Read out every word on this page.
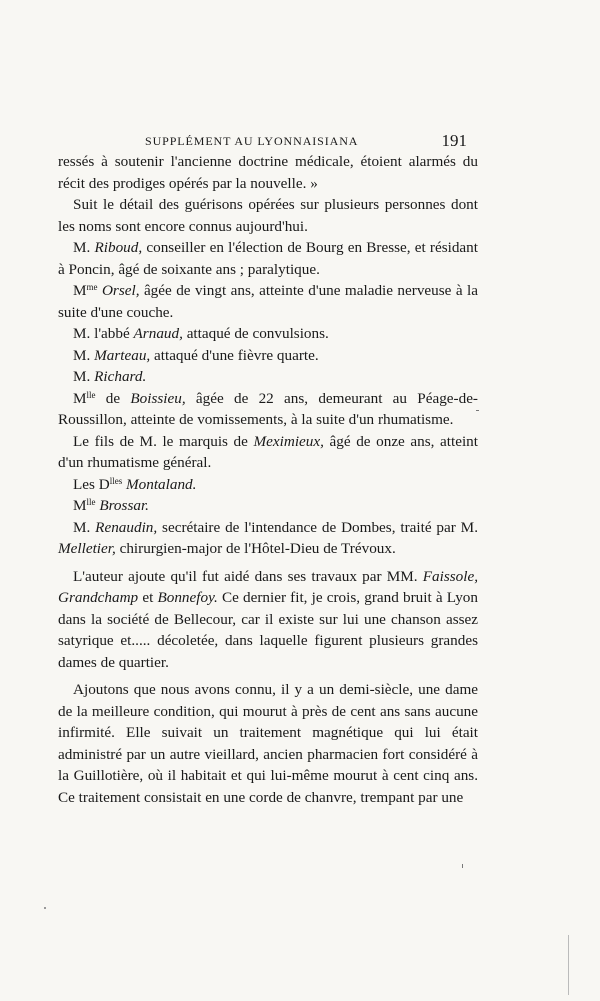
SUPPLÉMENT AU LYONNAISIANA	191

ressés à soutenir l'ancienne doctrine médicale, étoient alarmés du récit des prodiges opérés par la nouvelle. »

Suit le détail des guérisons opérées sur plusieurs personnes dont les noms sont encore connus aujourd'hui.

M. Riboud, conseiller en l'élection de Bourg en Bresse, et résidant à Poncin, âgé de soixante ans ; paralytique.

$M^{me}$ Orsel, âgée de vingt ans, atteinte d'une maladie nerveuse à la suite d'une couche.

M. l'abbé Arnaud, attaqué de convulsions.

M. Marteau, attaqué d'une fièvre quarte.

M. Richard.

$M^{lle}$ de Boissieu, âgée de 22 ans, demeurant au Péage-de-Roussillon, atteinte de vomissements, à la suite d'un rhumatisme.

Le fils de M. le marquis de Meximieux, âgé de onze ans, atteint d'un rhumatisme général.

Les $D^{lles}$ Montaland.

$M^{lle}$ Brossar.

M. Renaudin, secrétaire de l'intendance de Dombes, traité par M. Melletier, chirurgien-major de l'Hôtel-Dieu de Trévoux.

L'auteur ajoute qu'il fut aidé dans ses travaux par MM. Faissole, Grandchamp et Bonnefoy. Ce dernier fit, je crois, grand bruit à Lyon dans la société de Bellecour, car il existe sur lui une chanson assez satyrique et..... décoletée, dans laquelle figurent plusieurs grandes dames de quartier.

Ajoutons que nous avons connu, il y a un demi-siècle, une dame de la meilleure condition, qui mourut à près de cent ans sans aucune infirmité. Elle suivait un traitement magnétique qui lui était administré par un autre vieillard, ancien pharmacien fort considéré à la Guillotière, où il habitait et qui lui-même mourut à cent cinq ans. Ce traitement consistait en une corde de chanvre, trempant par une
